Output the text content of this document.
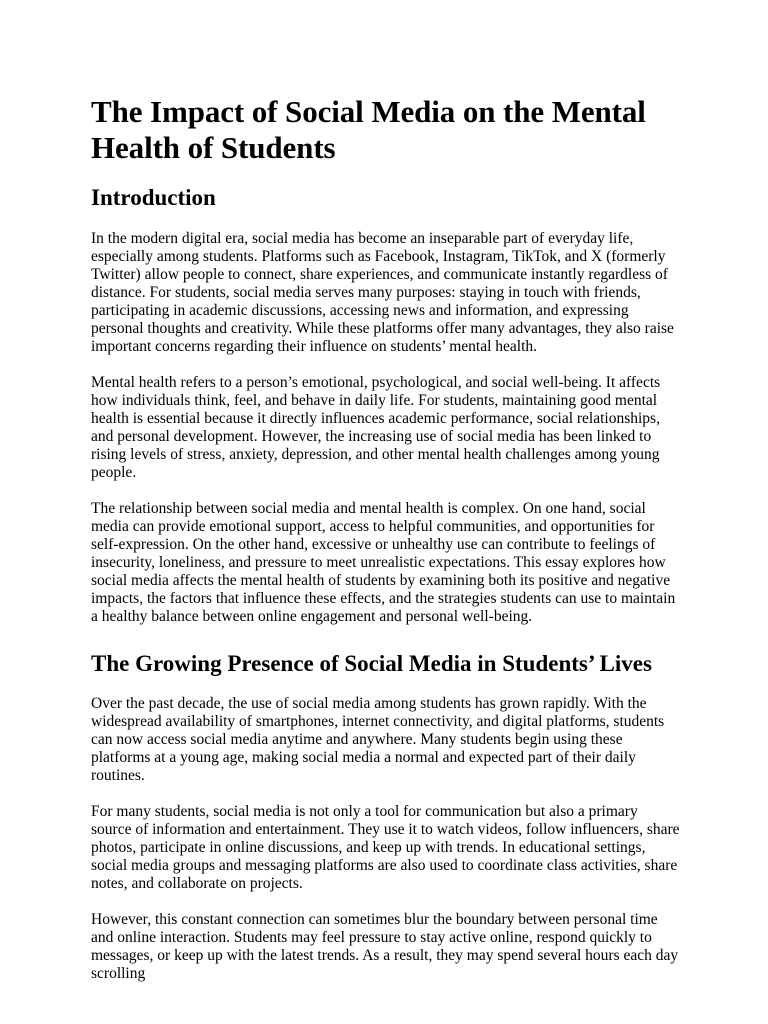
The Impact of Social Media on the Mental Health of Students
Introduction

In the modern digital era, social media has become an inseparable part of everyday life, especially among students. Platforms such as Facebook, Instagram, TikTok, and X (formerly Twitter) allow people to connect, share experiences, and communicate instantly regardless of distance. For students, social media serves many purposes: staying in touch with friends, participating in academic discussions, accessing news and information, and expressing personal thoughts and creativity. While these platforms offer many advantages, they also raise important concerns regarding their influence on students’ mental health.

Mental health refers to a person’s emotional, psychological, and social well-being. It affects how individuals think, feel, and behave in daily life. For students, maintaining good mental health is essential because it directly influences academic performance, social relationships, and personal development. However, the increasing use of social media has been linked to rising levels of stress, anxiety, depression, and other mental health challenges among young people.

The relationship between social media and mental health is complex. On one hand, social media can provide emotional support, access to helpful communities, and opportunities for self-expression. On the other hand, excessive or unhealthy use can contribute to feelings of insecurity, loneliness, and pressure to meet unrealistic expectations. This essay explores how social media affects the mental health of students by examining both its positive and negative impacts, the factors that influence these effects, and the strategies students can use to maintain a healthy balance between online engagement and personal well-being.

The Growing Presence of Social Media in Students’ Lives

Over the past decade, the use of social media among students has grown rapidly. With the widespread availability of smartphones, internet connectivity, and digital platforms, students can now access social media anytime and anywhere. Many students begin using these platforms at a young age, making social media a normal and expected part of their daily routines.

For many students, social media is not only a tool for communication but also a primary source of information and entertainment. They use it to watch videos, follow influencers, share photos, participate in online discussions, and keep up with trends. In educational settings, social media groups and messaging platforms are also used to coordinate class activities, share notes, and collaborate on projects.

However, this constant connection can sometimes blur the boundary between personal time and online interaction. Students may feel pressure to stay active online, respond quickly to messages, or keep up with the latest trends. As a result, they may spend several hours each day scrolling
